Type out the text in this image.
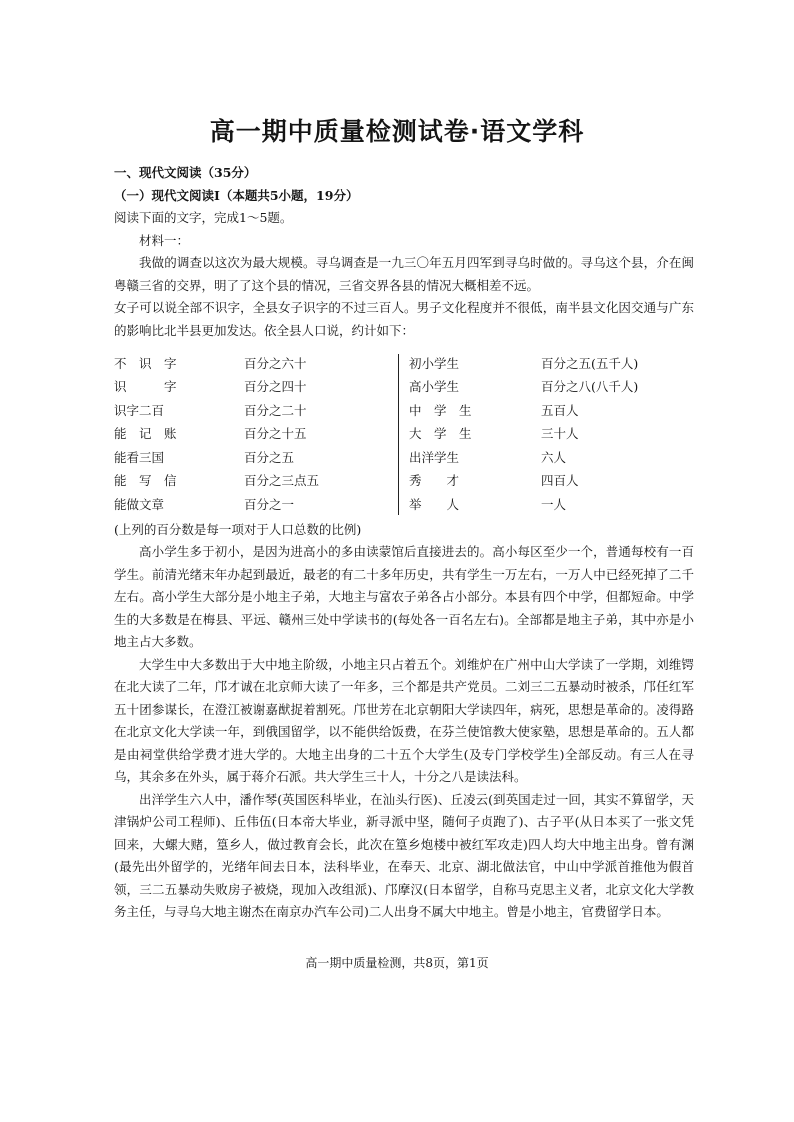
高一期中质量检测试卷·语文学科

一、现代文阅读（35分）

（一）现代文阅读Ⅰ（本题共5小题，19分）

阅读下面的文字，完成1～5题。

材料一：

我做的调查以这次为最大规模。寻乌调查是一九三〇年五月四军到寻乌时做的。寻乌这个县，介在闽粤赣三省的交界，明了了这个县的情况，三省交界各县的情况大概相差不远。

女子可以说全部不识字，全县女子识字的不过三百人。男子文化程度并不很低，南半县文化因交通与广东的影响比北半县更加发达。依全县人口说，约计如下：

不　识　字	百分之六十
识　　　字	百分之四十
识字二百	百分之二十
能　记　账	百分之十五
能看三国	百分之五
能　写　信	百分之三点五
能做文章	百分之一
初小学生	百分之五(五千人)
高小学生	百分之八(八千人)
中　学　生	五百人
大　学　生	三十人
出洋学生	六人
秀　　才	四百人
举　　人	一人

(上列的百分数是每一项对于人口总数的比例)

高小学生多于初小，是因为进高小的多由读蒙馆后直接进去的。高小每区至少一个，普通每校有一百学生。前清光绪末年办起到最近，最老的有二十多年历史，共有学生一万左右，一万人中已经死掉了二千左右。高小学生大部分是小地主子弟，大地主与富农子弟各占小部分。本县有四个中学，但都短命。中学生的大多数是在梅县、平远、赣州三处中学读书的(每处各一百名左右)。全部都是地主子弟，其中亦是小地主占大多数。

大学生中大多数出于大中地主阶级，小地主只占着五个。刘维炉在广州中山大学读了一学期，刘维锷在北大读了二年，邝才诚在北京师大读了一年多，三个都是共产党员。二刘三二五暴动时被杀，邝任红军五十团参谋长，在澄江被谢嘉猷捉着割死。邝世芳在北京朝阳大学读四年，病死，思想是革命的。凌得路在北京文化大学读一年，到俄国留学，以不能供给饭费，在芬兰使馆教大使家塾，思想是革命的。五人都是由祠堂供给学费才进大学的。大地主出身的二十五个大学生(及专门学校学生)全部反动。有三人在寻乌，其余多在外头，属于蒋介石派。共大学生三十人，十分之八是读法科。

出洋学生六人中，潘作琴(英国医科毕业，在汕头行医)、丘凌云(到英国走过一回，其实不算留学，天津锅炉公司工程师)、丘伟伍(日本帝大毕业，新寻派中坚，随何子贞跑了)、古子平(从日本买了一张文凭回来，大螺大赌，篁乡人，做过教育会长，此次在篁乡炮楼中被红军攻走)四人均大中地主出身。曾有渊(最先出外留学的，光绪年间去日本，法科毕业，在奉天、北京、湖北做法官，中山中学派首推他为假首领，三二五暴动失败房子被烧，现加入改组派)、邝摩汉(日本留学，自称马克思主义者，北京文化大学教务主任，与寻乌大地主谢杰在南京办汽车公司)二人出身不属大中地主。曾是小地主，官费留学日本。

高一期中质量检测，共8页，第1页
